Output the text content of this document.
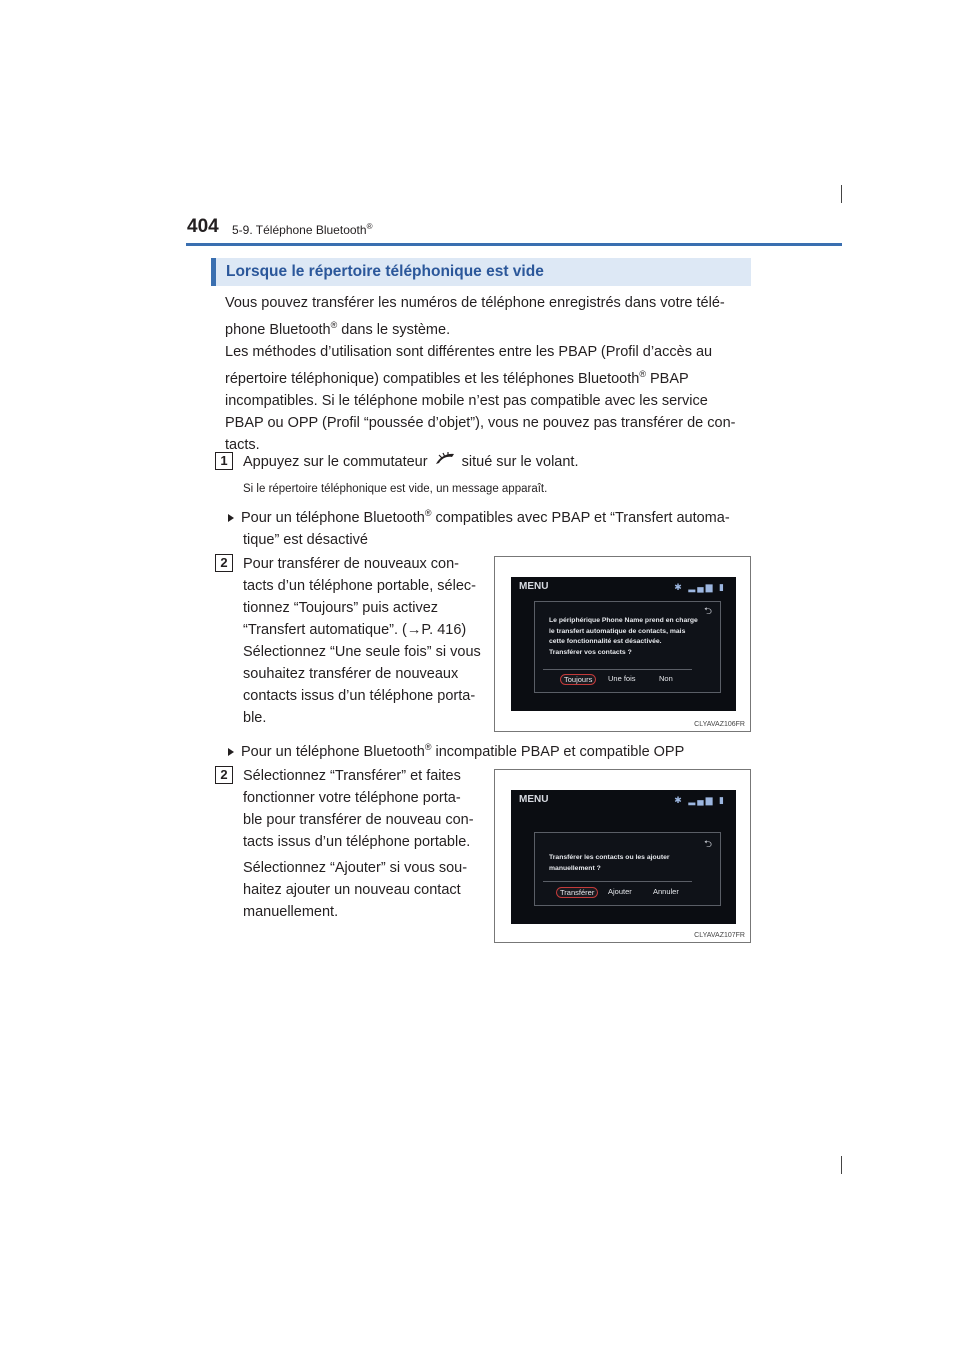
404 5-9. Téléphone Bluetooth®
Lorsque le répertoire téléphonique est vide
Vous pouvez transférer les numéros de téléphone enregistrés dans votre télé-
phone Bluetooth® dans le système.
Les méthodes d’utilisation sont différentes entre les PBAP (Profil d’accès au
répertoire téléphonique) compatibles et les téléphones Bluetooth® PBAP
incompatibles. Si le téléphone mobile n’est pas compatible avec les service
PBAP ou OPP (Profil “poussée d’objet”), vous ne pouvez pas transférer de con-
tacts.
1	Appuyez sur le commutateur situé sur le volant.
Si le répertoire téléphonique est vide, un message apparaît.
Pour un téléphone Bluetooth® compatibles avec PBAP et “Transfert automa-
tique” est désactivé
2	Pour transférer de nouveaux con-
tacts d’un téléphone portable, sélec-
tionnez “Toujours” puis activez
“Transfert automatique”. (→P. 416)
Sélectionnez “Une seule fois” si vous
souhaitez transférer de nouveaux
contacts issus d’un téléphone porta-
ble.
MENU	✱ ▂▄▆ ▮
⮌
Le périphérique Phone Name prend en charge
le transfert automatique de contacts, mais
cette fonctionnalité est désactivée.
Transférer vos contacts ?
Toujours	Une fois	Non
CLYAVAZ106FR
Pour un téléphone Bluetooth® incompatible PBAP et compatible OPP
2	Sélectionnez “Transférer” et faites
fonctionner votre téléphone porta-
ble pour transférer de nouveau con-
tacts issus d’un téléphone portable.
Sélectionnez “Ajouter” si vous sou-
haitez ajouter un nouveau contact
manuellement.
MENU	✱ ▂▄▆ ▮
⮌
Transférer les contacts ou les ajouter
manuellement ?
Transférer	Ajouter	Annuler
CLYAVAZ107FR
